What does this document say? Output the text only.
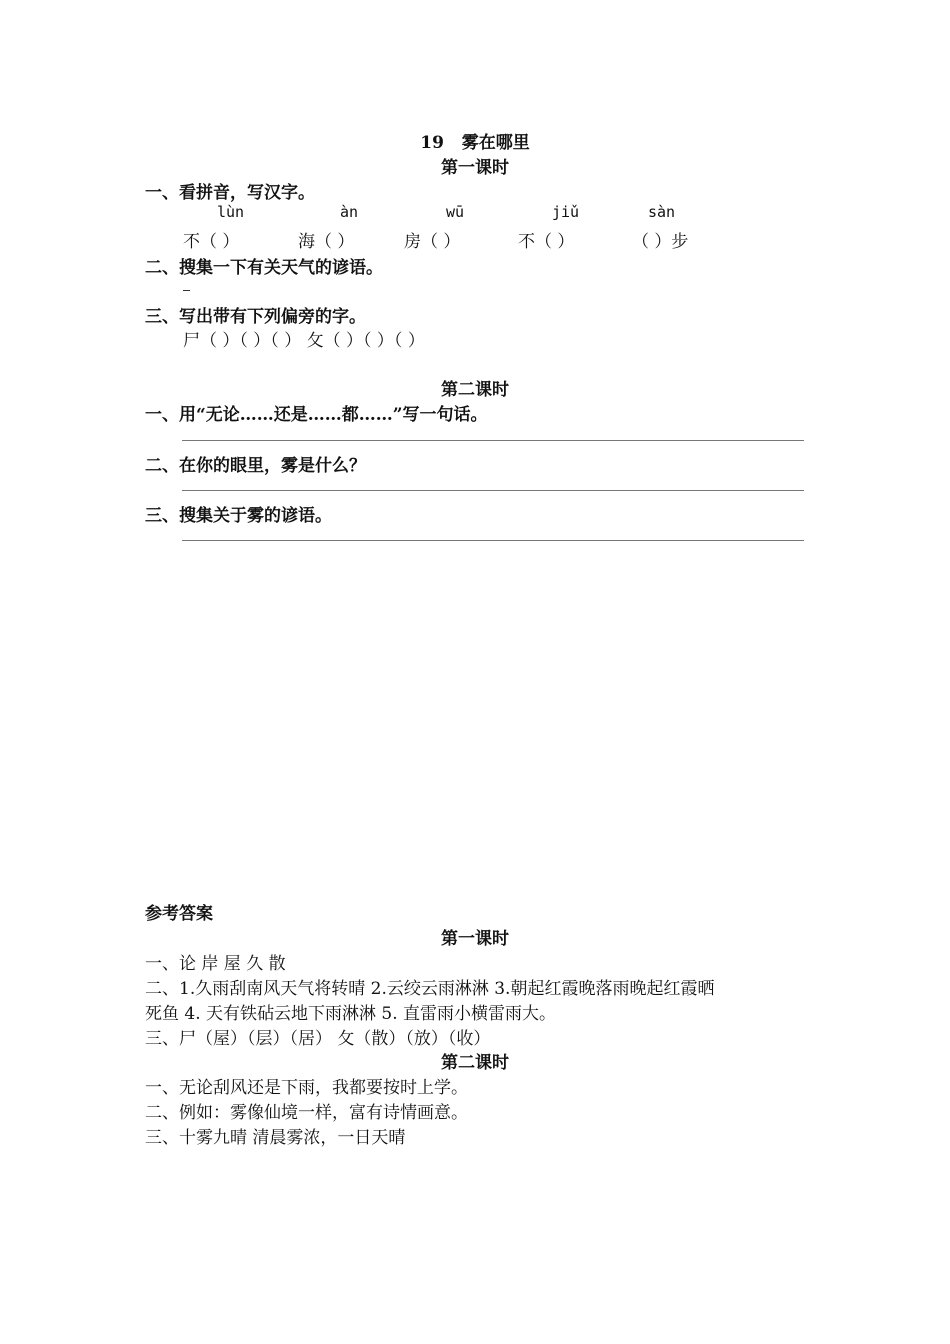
19 雾在哪里
第一课时
一、看拼音，写汉字。
lùn	àn	wū	jiǔ	sàn
不（ ）	海（ ）	房（ ）	不（ ）	（ ）步
二、搜集一下有关天气的谚语。
三、写出带有下列偏旁的字。
尸（ ）（ ）（ ） 攵（ ）（ ）（ ）
第二课时
一、用“无论……还是……都……”写一句话。
二、在你的眼里，雾是什么？
三、搜集关于雾的谚语。
参考答案
第一课时
一、论 岸 屋 久 散
二、1.久雨刮南风天气将转晴 2.云绞云雨淋淋 3.朝起红霞晚落雨晚起红霞晒
死鱼 4. 天有铁砧云地下雨淋淋 5. 直雷雨小横雷雨大。
三、尸（屋）（层）（居） 攵（散）（放）（收）
第二课时
一、无论刮风还是下雨，我都要按时上学。
二、例如：雾像仙境一样，富有诗情画意。
三、十雾九晴 清晨雾浓，一日天晴
